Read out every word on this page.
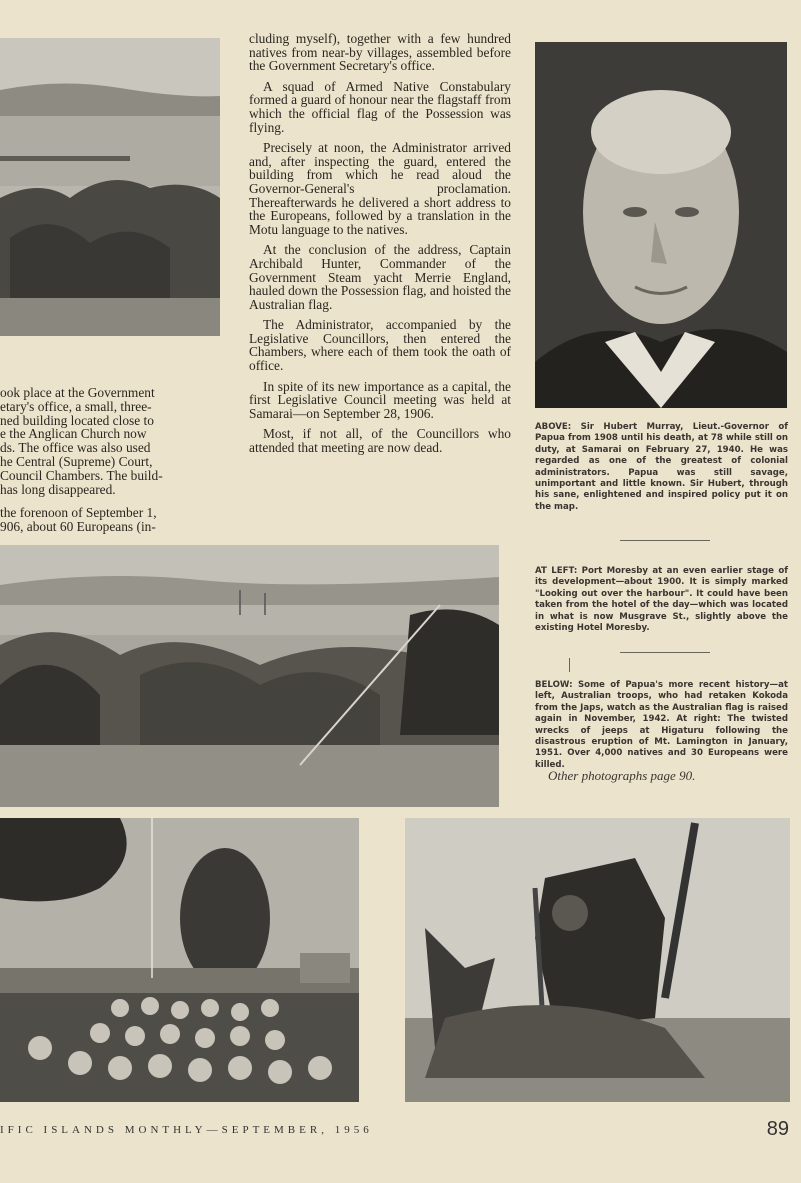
ook place at the Government
etary's office, a small, three-
ned building located close to
e the Anglican Church now
ds. The office was also used
he Central (Supreme) Court,
Council Chambers. The build-
has long disappeared.
the forenoon of September 1,
906, about 60 Europeans (in-

cluding myself), together with a few hundred natives from near-by villages, assembled before the Government Secretary's office.

A squad of Armed Native Constabulary formed a guard of honour near the flagstaff from which the official flag of the Possession was flying.

Precisely at noon, the Administrator arrived and, after inspecting the guard, entered the building from which he read aloud the Governor-General's proclamation. Thereafterwards he delivered a short address to the Europeans, followed by a translation in the Motu language to the natives.

At the conclusion of the address, Captain Archibald Hunter, Commander of the Government Steam yacht Merrie England, hauled down the Possession flag, and hoisted the Australian flag.

The Administrator, accompanied by the Legislative Councillors, then entered the Chambers, where each of them took the oath of office.

In spite of its new importance as a capital, the first Legislative Council meeting was held at Samarai—on September 28, 1906.

Most, if not all, of the Councillors who attended that meeting are now dead.

ABOVE: Sir Hubert Murray, Lieut.-Governor of Papua from 1908 until his death, at 78 while still on duty, at Samarai on February 27, 1940. He was regarded as one of the greatest of colonial administrators. Papua was still savage, unimportant and little known. Sir Hubert, through his sane, enlightened and inspired policy put it on the map.

AT LEFT: Port Moresby at an even earlier stage of its development—about 1900. It is simply marked "Looking out over the harbour". It could have been taken from the hotel of the day—which was located in what is now Musgrave St., slightly above the existing Hotel Moresby.

BELOW: Some of Papua's more recent history—at left, Australian troops, who had retaken Kokoda from the Japs, watch as the Australian flag is raised again in November, 1942. At right: The twisted wrecks of jeeps at Higaturu following the disastrous eruption of Mt. Lamington in January, 1951. Over 4,000 natives and 30 Europeans were killed.

Other photographs page 90.
IFIC ISLANDS MONTHLY—SEPTEMBER, 1956	89
